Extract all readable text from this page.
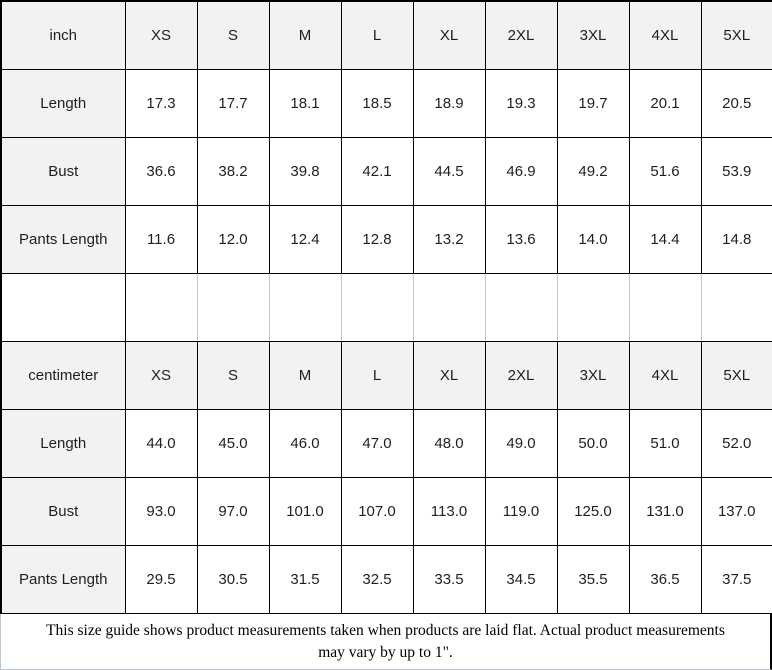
inch	XS	S	M	L	XL	2XL	3XL	4XL	5XL
Length	17.3	17.7	18.1	18.5	18.9	19.3	19.7	20.1	20.5
Bust	36.6	38.2	39.8	42.1	44.5	46.9	49.2	51.6	53.9
Pants Length	11.6	12.0	12.4	12.8	13.2	13.6	14.0	14.4	14.8

centimeter	XS	S	M	L	XL	2XL	3XL	4XL	5XL
Length	44.0	45.0	46.0	47.0	48.0	49.0	50.0	51.0	52.0
Bust	93.0	97.0	101.0	107.0	113.0	119.0	125.0	131.0	137.0
Pants Length	29.5	30.5	31.5	32.5	33.5	34.5	35.5	36.5	37.5
This size guide shows product measurements taken when products are laid flat. Actual product measurements
may vary by up to 1".
